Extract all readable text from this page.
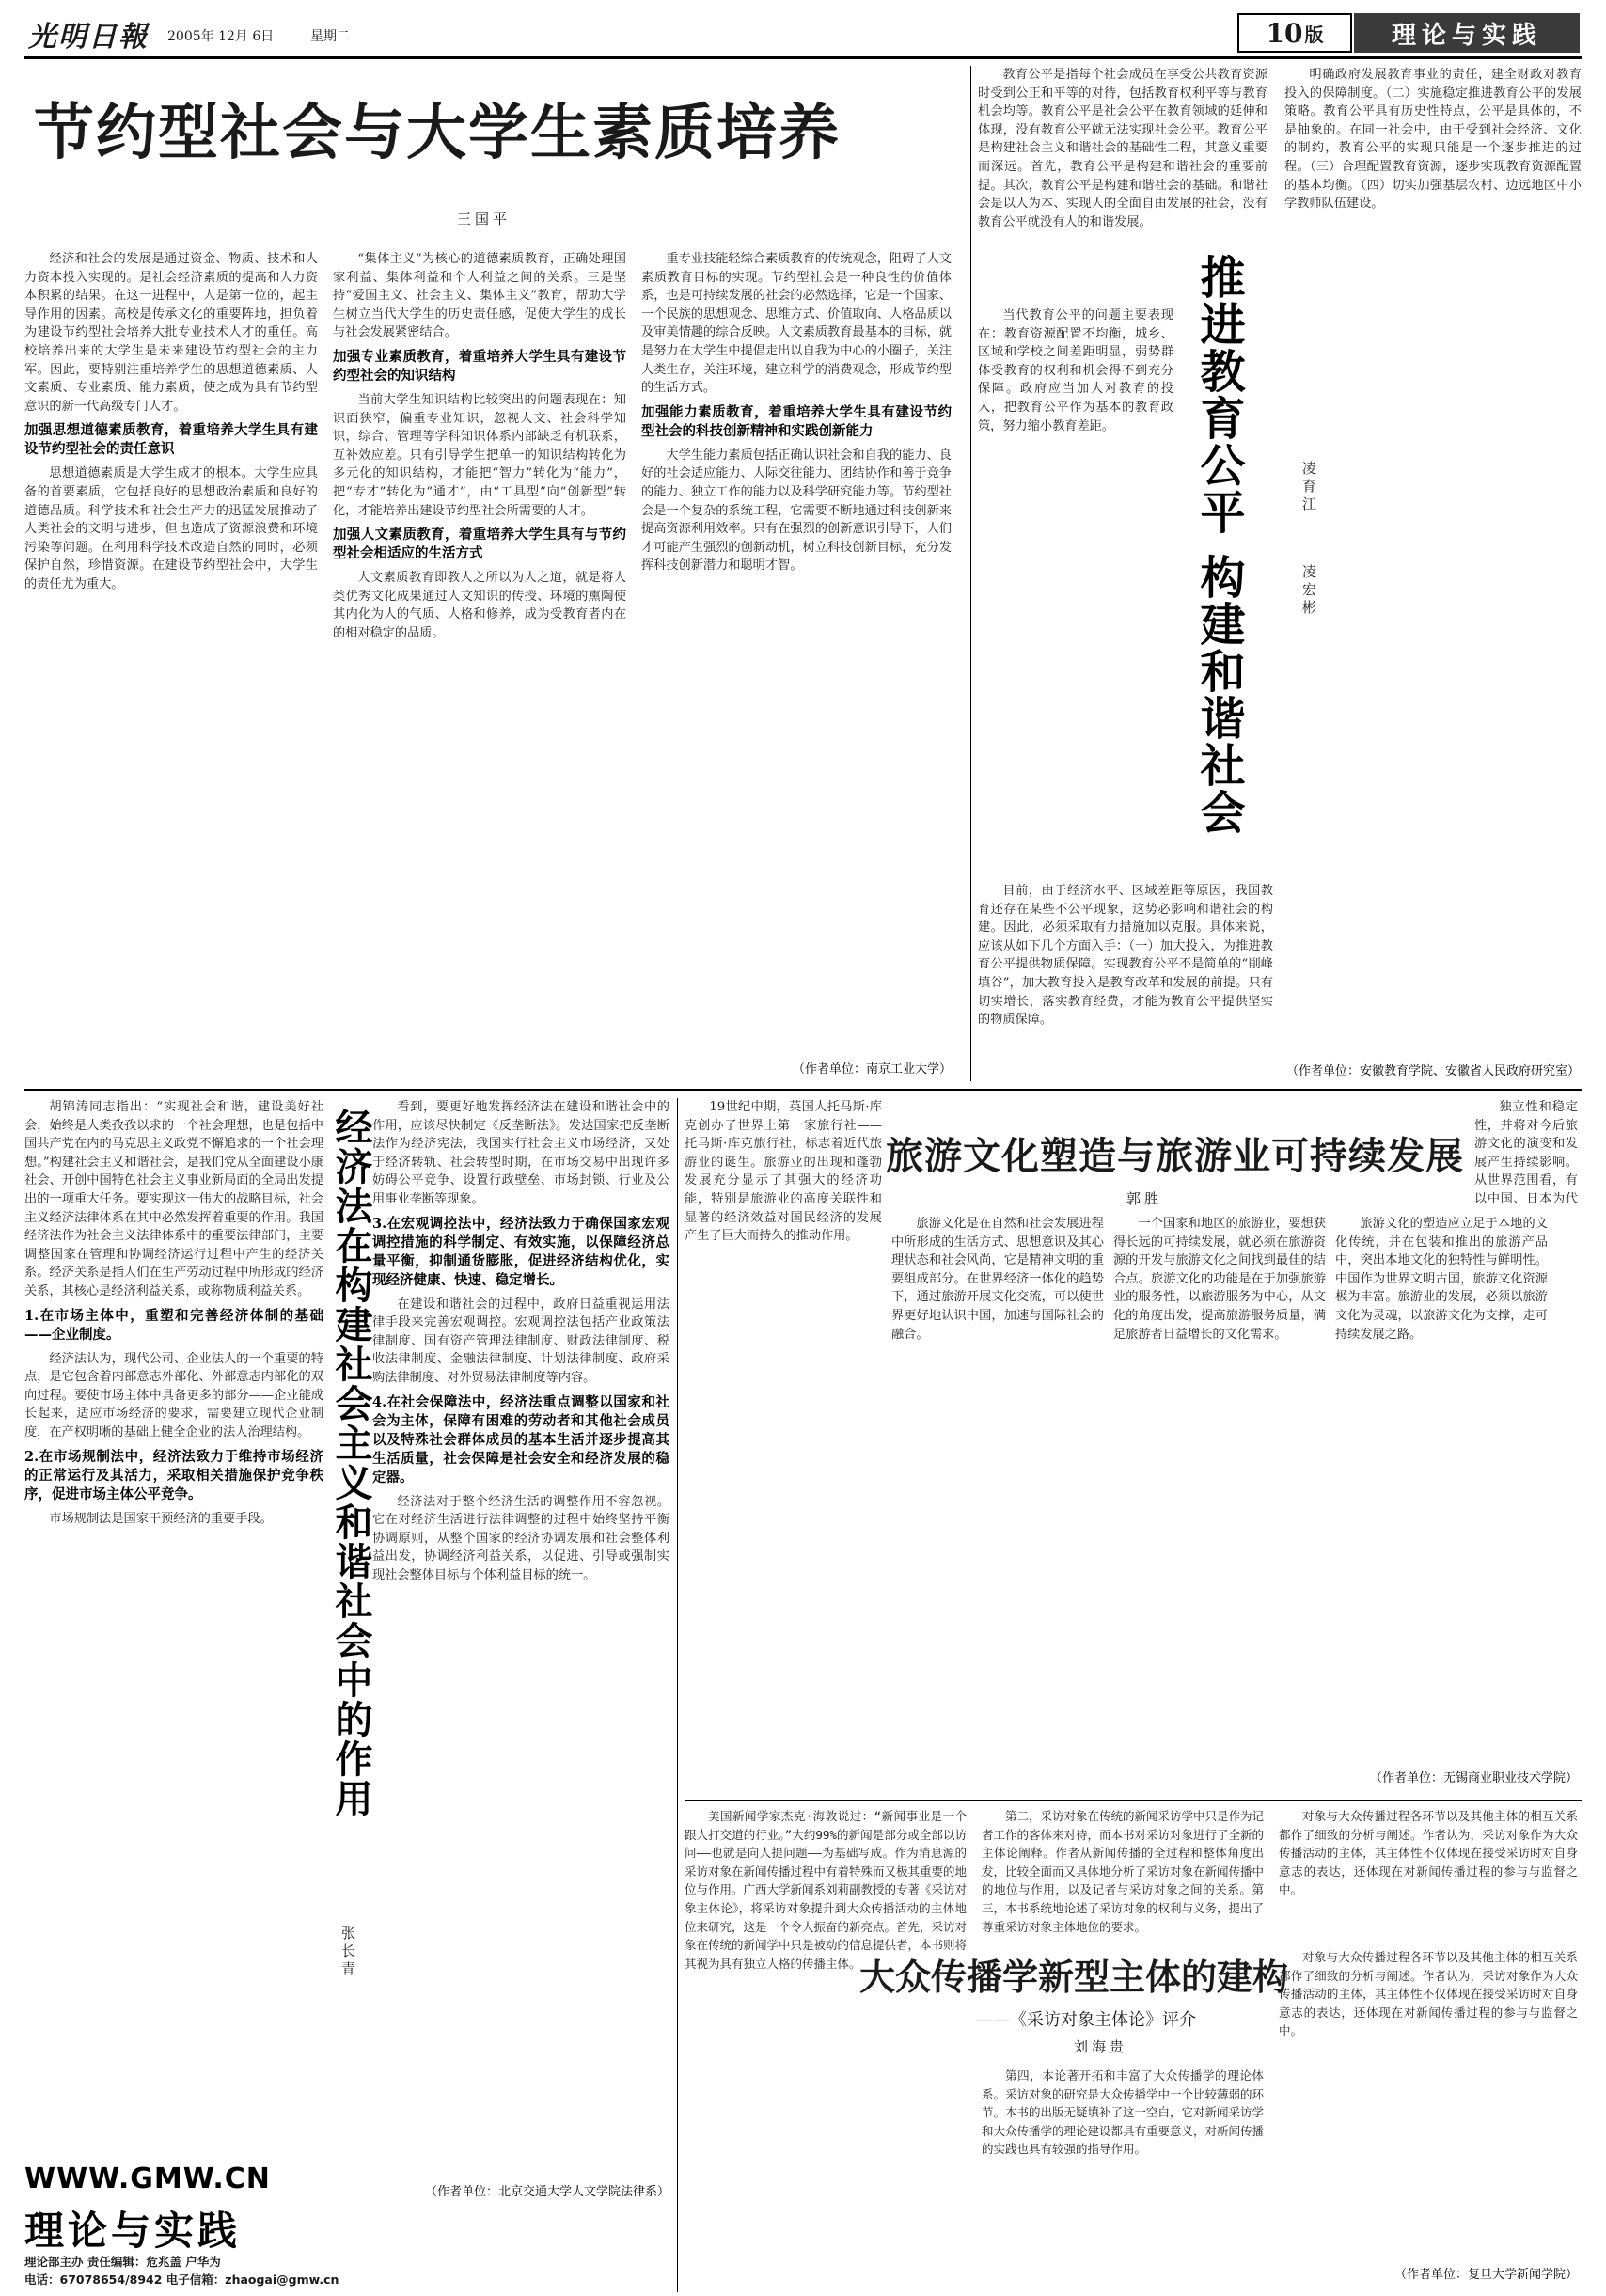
光明日報 2005年 12月 6日	星期二	10 版	理论与实践
节约型社会与大学生素质培养
王国平

经济和社会的发展是通过资金、物质、技术和人力资本投入实现的。是社会经济素质的提高和人力资本积累的结果。在这一进程中，人是第一位的，起主导作用的因素。高校是传承文化的重要阵地，担负着为建设节约型社会培养大批专业技术人才的重任。高校培养出来的大学生是未来建设节约型社会的主力军。因此，要特别注重培养学生的思想道德素质、人文素质、专业素质、能力素质，使之成为具有节约型意识的新一代高级专门人才。

加强思想道德素质教育，着重培养大学生具有建设节约型社会的责任意识

思想道德素质是大学生成才的根本。大学生应具备的首要素质，它包括良好的思想政治素质和良好的道德品质。科学技术和社会生产力的迅猛发展推动了人类社会的文明与进步，但也造成了资源浪费和环境污染等问题。在利用科学技术改造自然的同时，必须保护自然，珍惜资源。在建设节约型社会中，大学生的责任尤为重大。

“集体主义”为核心的道德素质教育，正确处理国家利益、集体利益和个人利益之间的关系。三是坚持“爱国主义、社会主义、集体主义”教育，帮助大学生树立当代大学生的历史责任感，促使大学生的成长与社会发展紧密结合。

加强专业素质教育，着重培养大学生具有建设节约型社会的知识结构

当前大学生知识结构比较突出的问题表现在：知识面狭窄，偏重专业知识，忽视人文、社会科学知识，综合、管理等学科知识体系内部缺乏有机联系，互补效应差。只有引导学生把单一的知识结构转化为多元化的知识结构，才能把“智力”转化为“能力”，把“专才”转化为“通才”，由“工具型”向“创新型”转化，才能培养出建设节约型社会所需要的人才。

加强人文素质教育，着重培养大学生具有与节约型社会相适应的生活方式

人文素质教育即教人之所以为人之道，就是将人类优秀文化成果通过人文知识的传授、环境的熏陶使其内化为人的气质、人格和修养，成为受教育者内在的相对稳定的品质。

重专业技能轻综合素质教育的传统观念，阻碍了人文素质教育目标的实现。节约型社会是一种良性的价值体系，也是可持续发展的社会的必然选择，它是一个国家、一个民族的思想观念、思维方式、价值取向、人格品质以及审美情趣的综合反映。人文素质教育最基本的目标，就是努力在大学生中提倡走出以自我为中心的小圈子，关注人类生存，关注环境，建立科学的消费观念，形成节约型的生活方式。

加强能力素质教育，着重培养大学生具有建设节约型社会的科技创新精神和实践创新能力

大学生能力素质包括正确认识社会和自我的能力、良好的社会适应能力、人际交往能力、团结协作和善于竞争的能力、独立工作的能力以及科学研究能力等。节约型社会是一个复杂的系统工程，它需要不断地通过科技创新来提高资源利用效率。只有在强烈的创新意识引导下，人们才可能产生强烈的创新动机，树立科技创新目标，充分发挥科技创新潜力和聪明才智。

（作者单位：南京工业大学）

教育公平是指每个社会成员在享受公共教育资源时受到公正和平等的对待，包括教育权利平等与教育机会均等。教育公平是社会公平在教育领域的延伸和体现，没有教育公平就无法实现社会公平。教育公平是构建社会主义和谐社会的基础性工程，其意义重要而深远。首先，教育公平是构建和谐社会的重要前提。其次，教育公平是构建和谐社会的基础。和谐社会是以人为本、实现人的全面自由发展的社会，没有教育公平就没有人的和谐发展。

当代教育公平的问题主要表现在：教育资源配置不均衡，城乡、区域和学校之间差距明显，弱势群体受教育的权利和机会得不到充分保障。政府应当加大对教育的投入，把教育公平作为基本的教育政策，努力缩小教育差距。	推进教育公平 构建和谐社会	凌育江
凌宏彬

明确政府发展教育事业的责任，建全财政对教育投入的保障制度。（二）实施稳定推进教育公平的发展策略。教育公平具有历史性特点，公平是具体的，不是抽象的。在同一社会中，由于受到社会经济、文化的制约，教育公平的实现只能是一个逐步推进的过程。（三）合理配置教育资源，逐步实现教育资源配置的基本均衡。（四）切实加强基层农村、边远地区中小学教师队伍建设。

目前，由于经济水平、区域差距等原因，我国教育还存在某些不公平现象，这势必影响和谐社会的构建。因此，必须采取有力措施加以克服。具体来说，应该从如下几个方面入手：（一）加大投入，为推进教育公平提供物质保障。实现教育公平不是简单的“削峰填谷”，加大教育投入是教育改革和发展的前提。只有切实增长，落实教育经费，才能为教育公平提供坚实的物质保障。

（作者单位：安徽教育学院、安徽省人民政府研究室）

胡锦涛同志指出：“实现社会和谐，建设美好社会，始终是人类孜孜以求的一个社会理想，也是包括中国共产党在内的马克思主义政党不懈追求的一个社会理想。”构建社会主义和谐社会，是我们党从全面建设小康社会、开创中国特色社会主义事业新局面的全局出发提出的一项重大任务。要实现这一伟大的战略目标，社会主义经济法律体系在其中必然发挥着重要的作用。我国经济法作为社会主义法律体系中的重要法律部门，主要调整国家在管理和协调经济运行过程中产生的经济关系。经济关系是指人们在生产劳动过程中所形成的经济关系，其核心是经济利益关系，或称物质利益关系。

1.在市场主体中，重塑和完善经济体制的基础——企业制度。

经济法认为，现代公司、企业法人的一个重要的特点，是它包含着内部意志外部化、外部意志内部化的双向过程。要使市场主体中具备更多的部分——企业能成长起来，适应市场经济的要求，需要建立现代企业制度，在产权明晰的基础上健全企业的法人治理结构。

2.在市场规制法中，经济法致力于维持市场经济的正常运行及其活力，采取相关措施保护竞争秩序，促进市场主体公平竞争。

市场规制法是国家干预经济的重要手段。	经济法在构建社会主义和谐社会中的作用
张长青

看到，要更好地发挥经济法在建设和谐社会中的作用，应该尽快制定《反垄断法》。发达国家把反垄断法作为经济宪法，我国实行社会主义市场经济，又处于经济转轨、社会转型时期，在市场交易中出现许多妨碍公平竞争、设置行政壁垒、市场封锁、行业及公用事业垄断等现象。

3.在宏观调控法中，经济法致力于确保国家宏观调控措施的科学制定、有效实施，以保障经济总量平衡，抑制通货膨胀，促进经济结构优化，实现经济健康、快速、稳定增长。

在建设和谐社会的过程中，政府日益重视运用法律手段来完善宏观调控。宏观调控法包括产业政策法律制度、国有资产管理法律制度、财政法律制度、税收法律制度、金融法律制度、计划法律制度、政府采购法律制度、对外贸易法律制度等内容。

4.在社会保障法中，经济法重点调整以国家和社会为主体，保障有困难的劳动者和其他社会成员以及特殊社会群体成员的基本生活并逐步提高其生活质量，社会保障是社会安全和经济发展的稳定器。

经济法对于整个经济生活的调整作用不容忽视。它在对经济生活进行法律调整的过程中始终坚持平衡协调原则，从整个国家的经济协调发展和社会整体利益出发，协调经济利益关系，以促进、引导或强制实现社会整体目标与个体利益目标的统一。

（作者单位：北京交通大学人文学院法律系）

19世纪中期，英国人托马斯·库克创办了世界上第一家旅行社——托马斯·库克旅行社，标志着近代旅游业的诞生。旅游业的出现和蓬勃发展充分显示了其强大的经济功能，特别是旅游业的高度关联性和显著的经济效益对国民经济的发展产生了巨大而持久的推动作用。

旅游文化塑造与旅游业可持续发展
郭胜

旅游文化是在自然和社会发展进程中所形成的生活方式、思想意识及其心理状态和社会风尚，它是精神文明的重要组成部分。在世界经济一体化的趋势下，通过旅游开展文化交流，可以使世界更好地认识中国，加速与国际社会的融合。

一个国家和地区的旅游业，要想获得长远的可持续发展，就必须在旅游资源的开发与旅游文化之间找到最佳的结合点。旅游文化的功能是在于加强旅游业的服务性，以旅游服务为中心，从文化的角度出发，提高旅游服务质量，满足旅游者日益增长的文化需求。

旅游文化的塑造应立足于本地的文化传统，并在包装和推出的旅游产品中，突出本地文化的独特性与鲜明性。中国作为世界文明古国，旅游文化资源极为丰富。旅游业的发展，必须以旅游文化为灵魂，以旅游文化为支撑，走可持续发展之路。

独立性和稳定性，并将对今后旅游文化的演变和发展产生持续影响。从世界范围看，有以中国、日本为代

（作者单位：无锡商业职业技术学院）

美国新闻学家杰克·海敦说过：“新闻事业是一个跟人打交道的行业。”大约99%的新闻是部分或全部以访问——也就是向人提问题——为基础写成。作为消息源的采访对象在新闻传播过程中有着特殊而又极其重要的地位与作用。广西大学新闻系刘莉副教授的专著《采访对象主体论》，将采访对象提升到大众传播活动的主体地位来研究，这是一个令人振奋的新亮点。首先，采访对象在传统的新闻学中只是被动的信息提供者，本书则将其视为具有独立人格的传播主体。

第二，采访对象在传统的新闻采访学中只是作为记者工作的客体来对待，而本书对采访对象进行了全新的主体论阐释。作者从新闻传播的全过程和整体角度出发，比较全面而又具体地分析了采访对象在新闻传播中的地位与作用，以及记者与采访对象之间的关系。第三，本书系统地论述了采访对象的权利与义务，提出了尊重采访对象主体地位的要求。

对象与大众传播过程各环节以及其他主体的相互关系都作了细致的分析与阐述。作者认为，采访对象作为大众传播活动的主体，其主体性不仅体现在接受采访时对自身意志的表达，还体现在对新闻传播过程的参与与监督之中。

大众传播学新型主体的建构
——《采访对象主体论》评介
刘海贵

第四，本论著开拓和丰富了大众传播学的理论体系。采访对象的研究是大众传播学中一个比较薄弱的环节。本书的出版无疑填补了这一空白，它对新闻采访学和大众传播学的理论建设都具有重要意义，对新闻传播的实践也具有较强的指导作用。

对象与大众传播过程各环节以及其他主体的相互关系都作了细致的分析与阐述。作者认为，采访对象作为大众传播活动的主体，其主体性不仅体现在接受采访时对自身意志的表达，还体现在对新闻传播过程的参与与监督之中。

（作者单位：复旦大学新闻学院）
WWW.GMW.CN
理论与实践
理论部主办 责任编辑：危兆盖 户华为
电话：67078654/8942 电子信箱：zhaogai@gmw.cn
